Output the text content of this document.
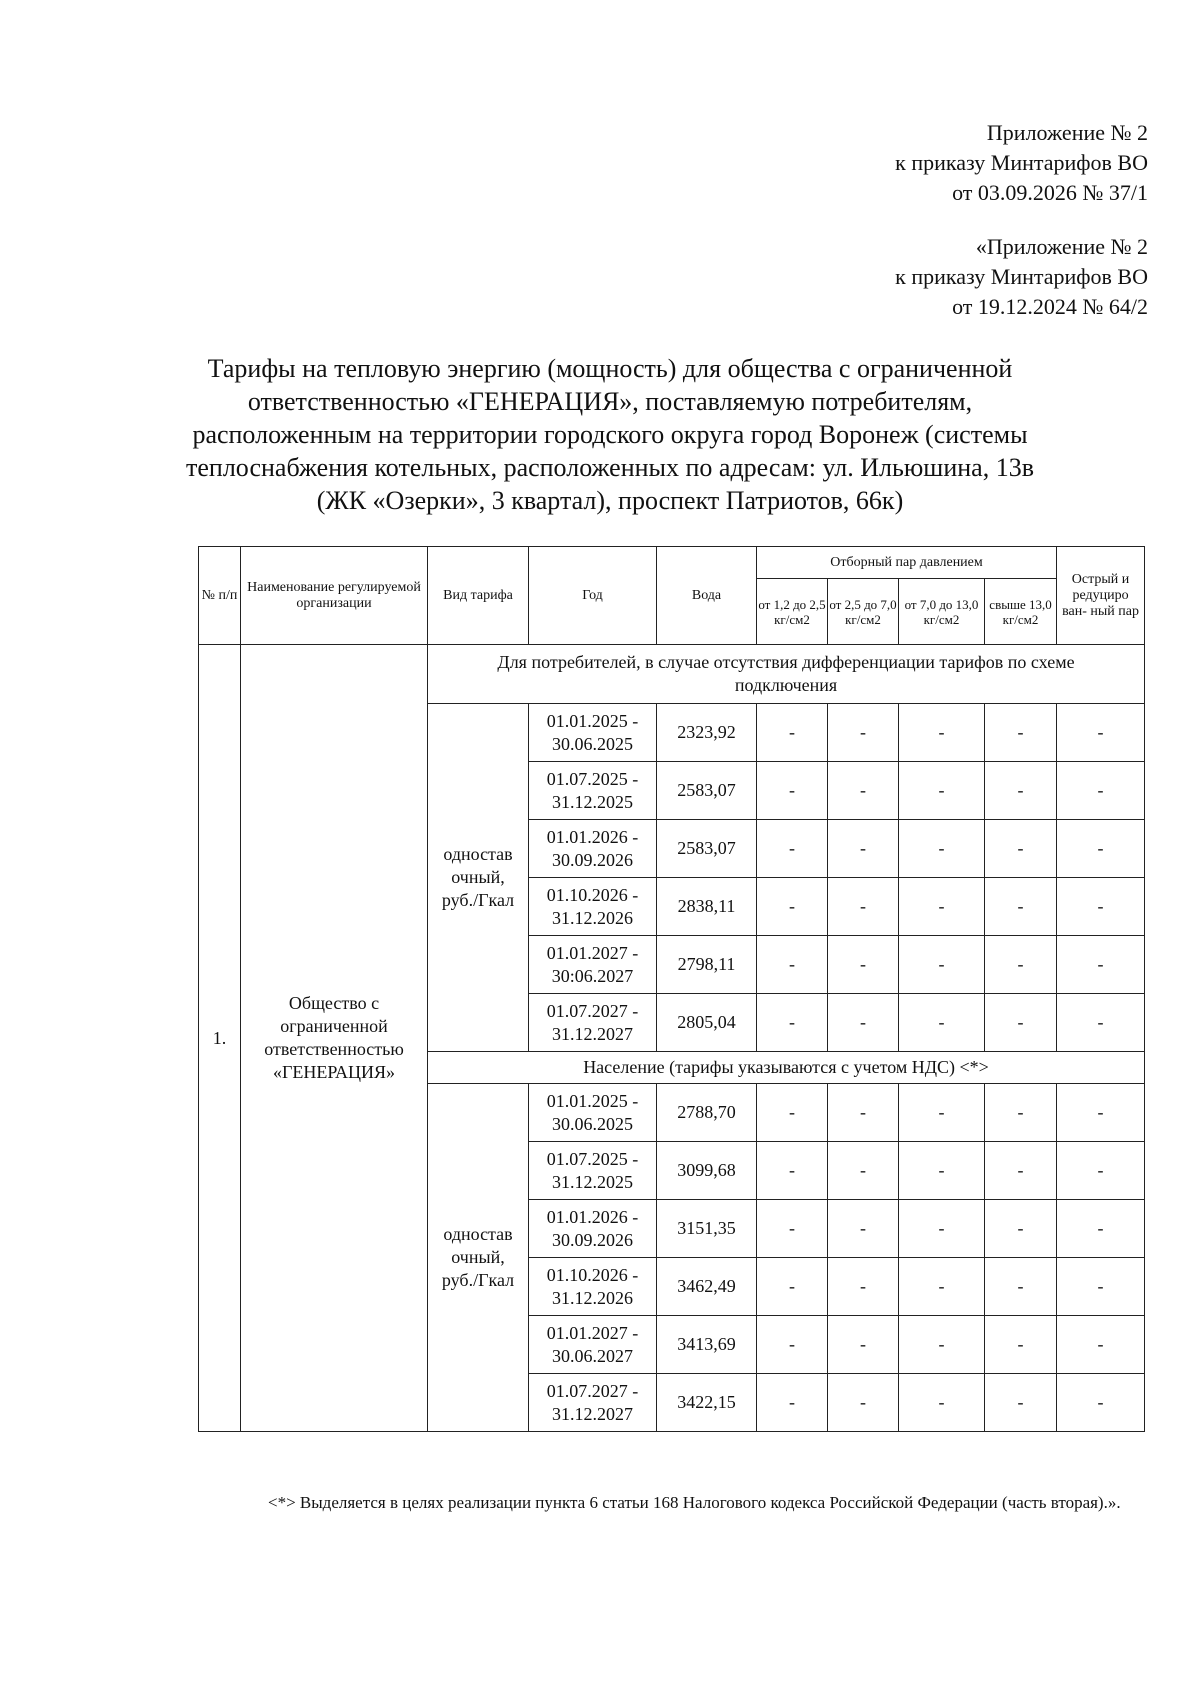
Приложение № 2
к приказу Минтарифов ВО
от 03.09.2026 № 37/1
«Приложение № 2
к приказу Минтарифов ВО
от 19.12.2024 № 64/2
Тарифы на тепловую энергию (мощность) для общества с ограниченной
ответственностью «ГЕНЕРАЦИЯ», поставляемую потребителям,
расположенным на территории городского округа город Воронеж (системы
теплоснабжения котельных, расположенных по адресам: ул. Ильюшина, 13в
(ЖК «Озерки», 3 квартал), проспект Патриотов, 66к)
№ п/п	Наименование регулируемой организации	Вид тарифа	Год	Вода	Отборный пар давлением				Острый и редуциро ван- ный пар
					от 1,2 до 2,5 кг/см2	от 2,5 до 7,0 кг/см2	от 7,0 до 13,0 кг/см2	свыше 13,0 кг/см2	
1.	Общество с ограниченной ответственностью «ГЕНЕРАЦИЯ»	Для потребителей, в случае отсутствия дифференциации тарифов по схеме подключения							
		одностав очный, руб./Гкал	01.01.2025 -
30.06.2025	2323,92	-	-	-	-	-

			01.07.2025 -
31.12.2025	2583,07	-	-	-	-	-

			01.01.2026 -
30.09.2026	2583,07	-	-	-	-	-

			01.10.2026 -
31.12.2026	2838,11	-	-	-	-	-

			01.01.2027 -
30:06.2027	2798,11	-	-	-	-	-

			01.07.2027 -
31.12.2027	2805,04	-	-	-	-	-
		Население (тарифы указываются с учетом НДС) <*>							
		одностав очный, руб./Гкал	01.01.2025 -
30.06.2025	2788,70	-	-	-	-	-

			01.07.2025 -
31.12.2025	3099,68	-	-	-	-	-

			01.01.2026 -
30.09.2026	3151,35	-	-	-	-	-

			01.10.2026 -
31.12.2026	3462,49	-	-	-	-	-

			01.01.2027 -
30.06.2027	3413,69	-	-	-	-	-

			01.07.2027 -
31.12.2027	3422,15	-	-	-	-	-
<*> Выделяется в целях реализации пункта 6 статьи 168 Налогового кодекса Российской Федерации (часть вторая).».
